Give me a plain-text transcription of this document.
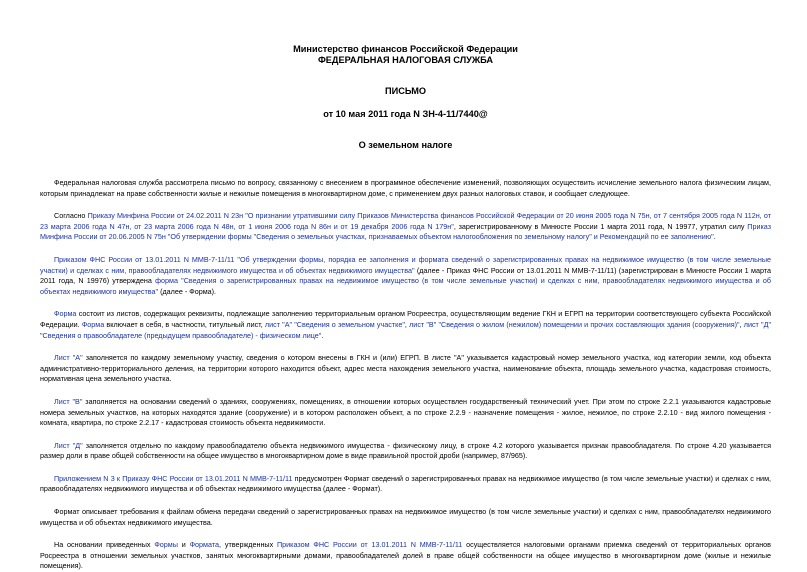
Министерство финансов Российской Федерации
ФЕДЕРАЛЬНАЯ НАЛОГОВАЯ СЛУЖБА
ПИСЬМО
от 10 мая 2011 года N ЗН-4-11/7440@
О земельном налоге

Федеральная налоговая служба рассмотрела письмо по вопросу, связанному с внесением в программное обеспечение изменений, позволяющих осуществить исчисление земельного налога физическим лицам, которым принадлежат на праве собственности жилые и нежилые помещения в многоквартирном доме, с применением двух разных налоговых ставок, и сообщает следующее.

Согласно Приказу Минфина России от 24.02.2011 N 23н "О признании утратившими силу Приказов Министерства финансов Российской Федерации от 20 июня 2005 года N 75н, от 7 сентября 2005 года N 112н, от 23 марта 2006 года N 47н, от 23 марта 2006 года N 48н, от 1 июня 2006 года N 86н и от 19 декабря 2006 года N 179н", зарегистрированному в Минюсте России 1 марта 2011 года, N 19977, утратил силу Приказ Минфина России от 20.06.2005 N 75н "Об утверждении формы "Сведения о земельных участках, признаваемых объектом налогообложения по земельному налогу" и Рекомендаций по ее заполнению".

Приказом ФНС России от 13.01.2011 N ММВ-7-11/11 "Об утверждении формы, порядка ее заполнения и формата сведений о зарегистрированных правах на недвижимое имущество (в том числе земельные участки) и сделках с ним, правообладателях недвижимого имущества и об объектах недвижимого имущества" (далее - Приказ ФНС России от 13.01.2011 N ММВ-7-11/11) (зарегистрирован в Минюсте России 1 марта 2011 года, N 19976) утверждена форма "Сведения о зарегистрированных правах на недвижимое имущество (в том числе земельные участки) и сделках с ним, правообладателях недвижимого имущества и об объектах недвижимого имущества" (далее - Форма).

Форма состоит из листов, содержащих реквизиты, подлежащие заполнению территориальным органом Росреестра, осуществляющим ведение ГКН и ЕГРП на территории соответствующего субъекта Российской Федерации. Форма включает в себя, в частности, титульный лист, лист "А" "Сведения о земельном участке", лист "В" "Сведения о жилом (нежилом) помещении и прочих составляющих здания (сооружения)", лист "Д" "Сведения о правообладателе (предыдущем правообладателе) - физическом лице".

Лист "А" заполняется по каждому земельному участку, сведения о котором внесены в ГКН и (или) ЕГРП. В листе "А" указывается кадастровый номер земельного участка, код категории земли, код объекта административно-территориального деления, на территории которого находится объект, адрес места нахождения земельного участка, наименование объекта, площадь земельного участка, кадастровая стоимость, нормативная цена земельного участка.

Лист "В" заполняется на основании сведений о зданиях, сооружениях, помещениях, в отношении которых осуществлен государственный технический учет. При этом по строке 2.2.1 указываются кадастровые номера земельных участков, на которых находятся здание (сооружение) и в котором расположен объект, а по строке 2.2.9 - назначение помещения - жилое, нежилое, по строке 2.2.10 - вид жилого помещения - комната, квартира, по строке 2.2.17 - кадастровая стоимость объекта недвижимости.

Лист "Д" заполняется отдельно по каждому правообладателю объекта недвижимого имущества - физическому лицу, в строке 4.2 которого указывается признак правообладателя. По строке 4.20 указывается размер доли в праве общей собственности на общее имущество в многоквартирном доме в виде правильной простой дроби (например, 87/965).

Приложением N 3 к Приказу ФНС России от 13.01.2011 N ММВ-7-11/11 предусмотрен Формат сведений о зарегистрированных правах на недвижимое имущество (в том числе земельные участки) и сделках с ним, правообладателях недвижимого имущества и об объектах недвижимого имущества (далее - Формат).

Формат описывает требования к файлам обмена передачи сведений о зарегистрированных правах на недвижимое имущество (в том числе земельные участки) и сделках с ним, правообладателях недвижимого имущества и об объектах недвижимого имущества.

На основании приведенных Формы и Формата, утвержденных Приказом ФНС России от 13.01.2011 N ММВ-7-11/11 осуществляется налоговыми органами приемка сведений от территориальных органов Росреестра в отношении земельных участков, занятых многоквартирными домами, правообладателей долей в праве общей собственности на общее имущество в многоквартирном доме (жилые и нежилые помещения).
